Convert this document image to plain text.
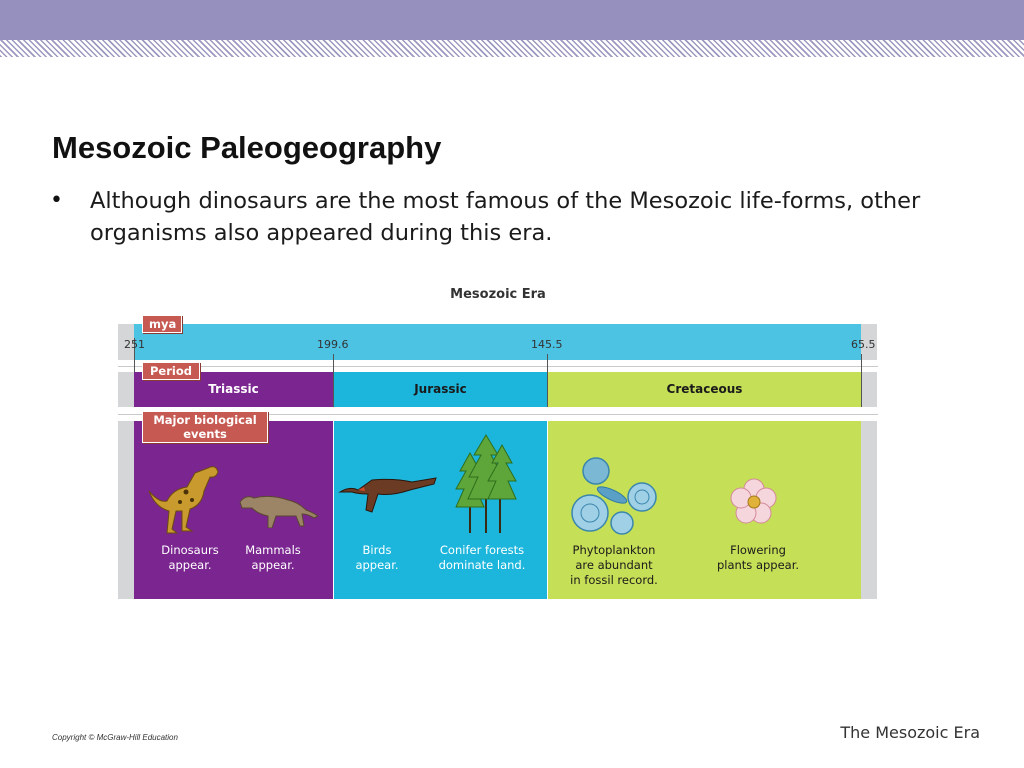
Mesozoic Paleogeography
• Although dinosaurs are the most famous of the Mesozoic life-forms, other organisms also appeared during this era.
Mesozoic Era
251	199.6	145.5	65.5
Triassic	Jurassic	Cretaceous
mya
Period
Major biological
events
Dinosaurs
appear.
Mammals
appear.
Birds
appear.
Conifer forests
dominate land.
Phytoplankton
are abundant
in fossil record.
Flowering
plants appear.
Copyright © McGraw-Hill Education	The Mesozoic Era
